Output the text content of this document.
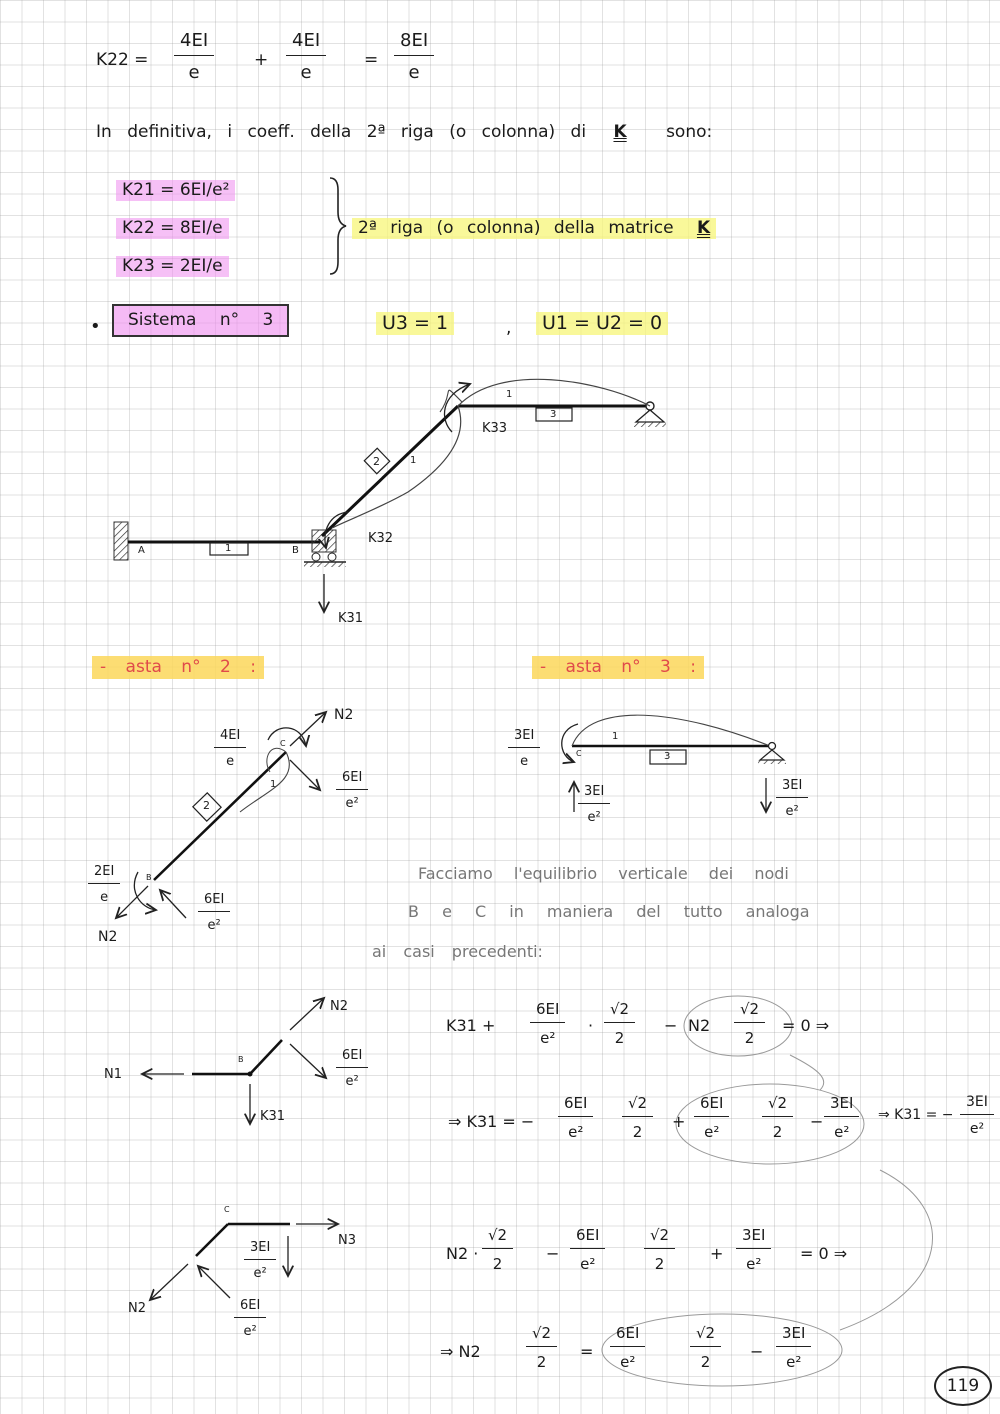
K22 =
4EI
e
+
4EI
e
=
8EI
e
In definitiva, i coeff. della 2ª riga (o colonna) di K sono:
K21 = 6EI/e²
K22 = 8EI/e
K23 = 2EI/e
2ª riga (o colonna) della matrice K
•	Sistema n° 3	U3 = 1	,	U1 = U2 = 0
A	B
1
2
3
1
1
K33
K32
K31
- asta n° 2 :	- asta n° 3 :
N2
N2
4EI
e
6EI
e²
2EI
e	6EI
e²
B
C
2
1
3EI
e
3EI
e²
3EI
e²
3
1
C
Facciamo l'equilibrio verticale dei nodi
B e C in maniera del tutto analoga
ai casi precedenti:
N2
N1
K31
6EI
e²
B
N3
N2
3EI
e²
6EI
e²
C
K31 +
6EI
e²
·
√2
2
− N2
√2
2
= 0 ⇒
⇒ K31 = −
6EI
e²
√2
2
+
6EI
e²
√2
2
−
3EI
e²
⇒ K31 = −
3EI
e²
N2 ·
√2
2
−
6EI
e²
√2
2
+
3EI
e²
= 0 ⇒
⇒ N2
√2
2
=
6EI
e²
√2
2
−
3EI
e²
119
